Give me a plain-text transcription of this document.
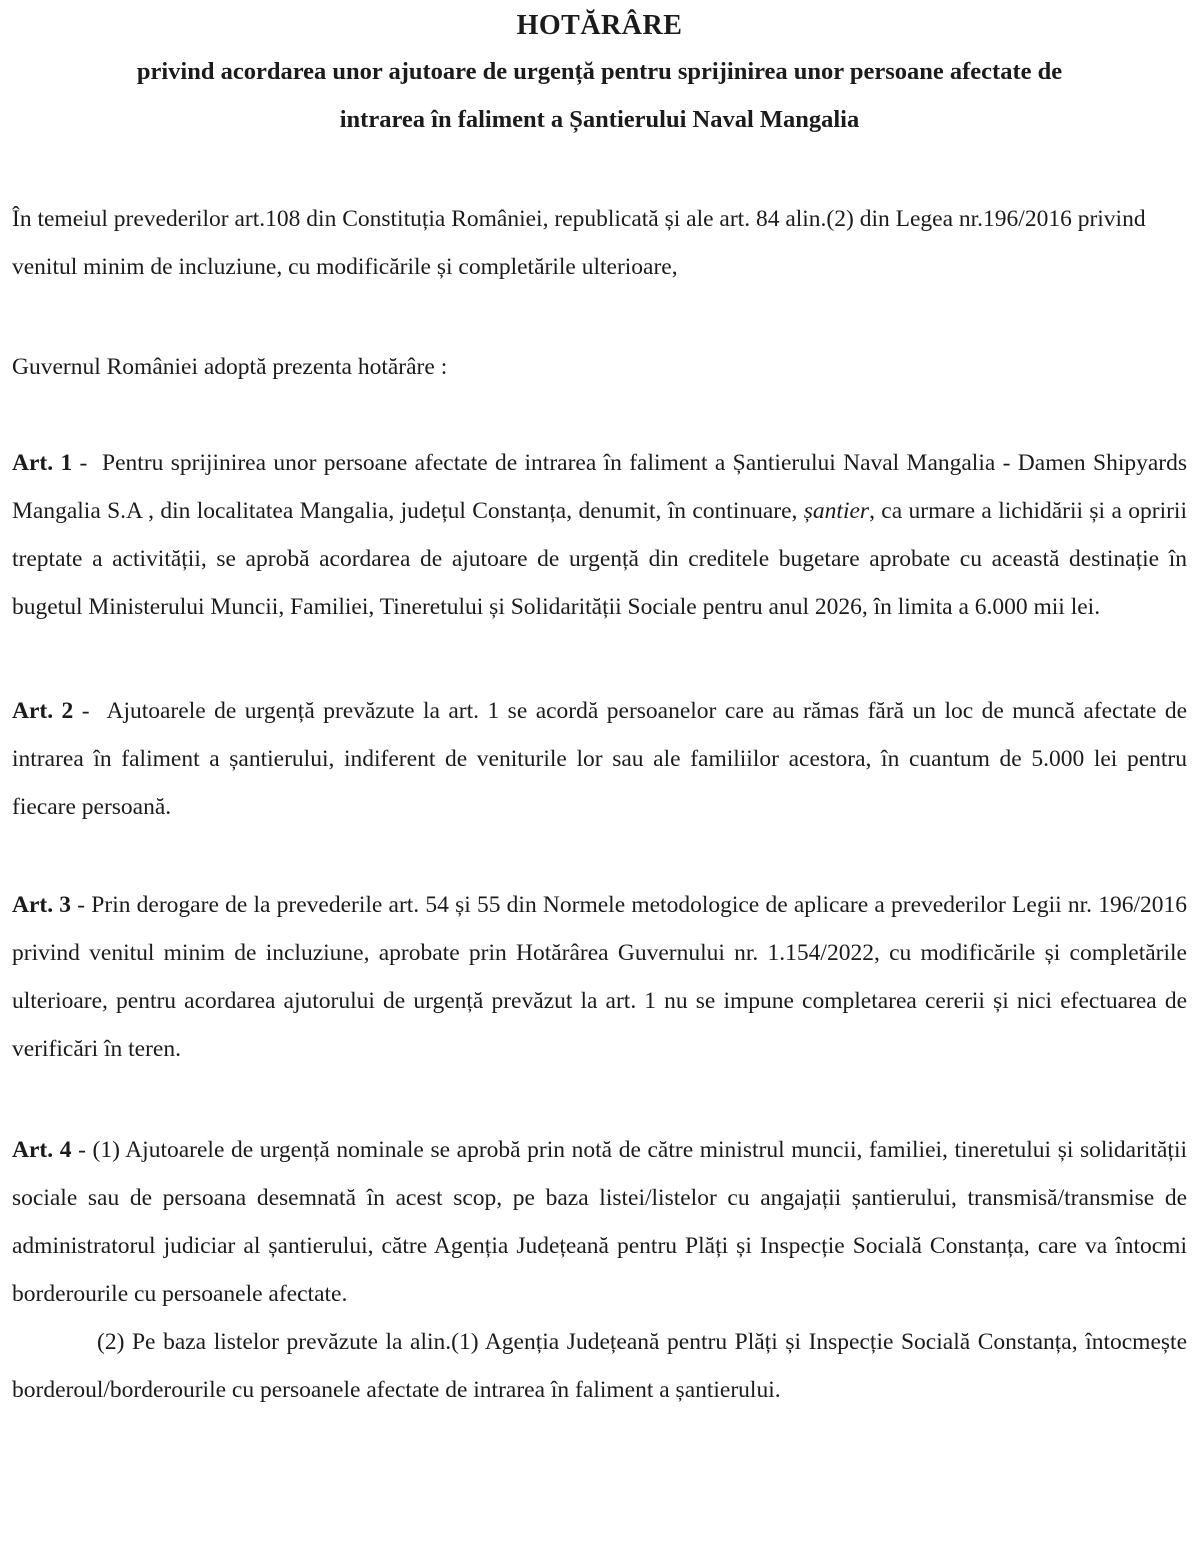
HOTĂRÂRE

privind acordarea unor ajutoare de urgență pentru sprijinirea unor persoane afectate de

intrarea în faliment a Șantierului Naval Mangalia

În temeiul prevederilor art.108 din Constituția României, republicată și ale art. 84 alin.(2) din Legea nr.196/2016 privind venitul minim de incluziune, cu modificările și completările ulterioare,

Guvernul României adoptă prezenta hotărâre :

Art. 1 -  Pentru sprijinirea unor persoane afectate de intrarea în faliment a Șantierului Naval Mangalia - Damen Shipyards Mangalia S.A , din localitatea Mangalia, județul Constanța, denumit, în continuare, șantier, ca urmare a lichidării și a opririi treptate a activității, se aprobă acordarea de ajutoare de urgență din creditele bugetare aprobate cu această destinație în bugetul Ministerului Muncii, Familiei, Tineretului și Solidarității Sociale pentru anul 2026, în limita a 6.000 mii lei.

Art. 2 -  Ajutoarele de urgență prevăzute la art. 1 se acordă persoanelor care au rămas fără un loc de muncă afectate de intrarea în faliment a șantierului, indiferent de veniturile lor sau ale familiilor acestora, în cuantum de 5.000 lei pentru fiecare persoană.

Art. 3 - Prin derogare de la prevederile art. 54 și 55 din Normele metodologice de aplicare a prevederilor Legii nr. 196/2016 privind venitul minim de incluziune, aprobate prin Hotărârea Guvernului nr. 1.154/2022, cu modificările și completările ulterioare, pentru acordarea ajutorului de urgență prevăzut la art. 1 nu se impune completarea cererii și nici efectuarea de verificări în teren.

Art. 4 - (1) Ajutoarele de urgență nominale se aprobă prin notă de către ministrul muncii, familiei, tineretului și solidarității sociale sau de persoana desemnată în acest scop, pe baza listei/listelor cu angajații șantierului, transmisă/transmise de administratorul judiciar al șantierului, către Agenția Județeană pentru Plăți și Inspecție Socială Constanța, care va întocmi borderourile cu persoanele afectate.

(2) Pe baza listelor prevăzute la alin.(1) Agenția Județeană pentru Plăți și Inspecție Socială Constanța, întocmește borderoul/borderourile cu persoanele afectate de intrarea în faliment a șantierului.
